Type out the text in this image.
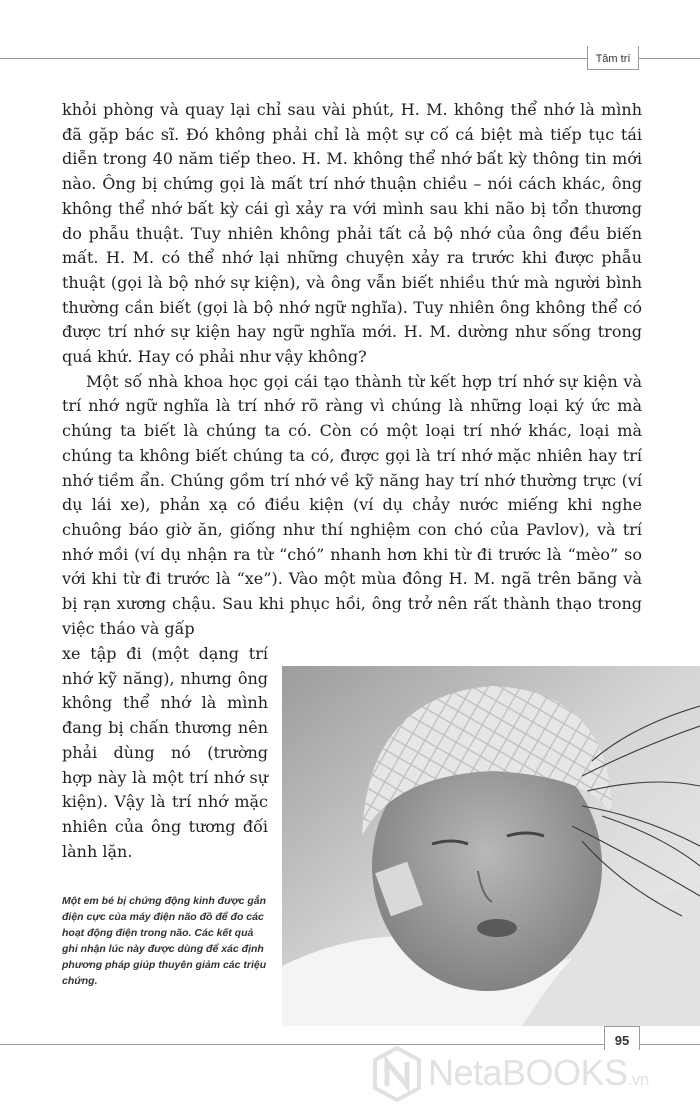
Tâm trí

khỏi phòng và quay lại chỉ sau vài phút, H. M. không thể nhớ là mình đã gặp bác sĩ. Đó không phải chỉ là một sự cố cá biệt mà tiếp tục tái diễn trong 40 năm tiếp theo. H. M. không thể nhớ bất kỳ thông tin mới nào. Ông bị chứng gọi là mất trí nhớ thuận chiều – nói cách khác, ông không thể nhớ bất kỳ cái gì xảy ra với mình sau khi não bị tổn thương do phẫu thuật. Tuy nhiên không phải tất cả bộ nhớ của ông đều biến mất. H. M. có thể nhớ lại những chuyện xảy ra trước khi được phẫu thuật (gọi là bộ nhớ sự kiện), và ông vẫn biết nhiều thứ mà người bình thường cần biết (gọi là bộ nhớ ngữ nghĩa). Tuy nhiên ông không thể có được trí nhớ sự kiện hay ngữ nghĩa mới. H. M. dường như sống trong quá khứ. Hay có phải như vậy không?

Một số nhà khoa học gọi cái tạo thành từ kết hợp trí nhớ sự kiện và trí nhớ ngữ nghĩa là trí nhớ rõ ràng vì chúng là những loại ký ức mà chúng ta biết là chúng ta có. Còn có một loại trí nhớ khác, loại mà chúng ta không biết chúng ta có, được gọi là trí nhớ mặc nhiên hay trí nhớ tiềm ẩn. Chúng gồm trí nhớ về kỹ năng hay trí nhớ thường trực (ví dụ lái xe), phản xạ có điều kiện (ví dụ chảy nước miếng khi nghe chuông báo giờ ăn, giống như thí nghiệm con chó của Pavlov), và trí nhớ mồi (ví dụ nhận ra từ “chó” nhanh hơn khi từ đi trước là “mèo” so với khi từ đi trước là “xe”). Vào một mùa đông H. M. ngã trên băng và bị rạn xương chậu. Sau khi phục hồi, ông trở nên rất thành thạo trong việc tháo và gấp

xe tập đi (một dạng trí nhớ kỹ năng), nhưng ông không thể nhớ là mình đang bị chấn thương nên phải dùng nó (trường hợp này là một trí nhớ sự kiện). Vậy là trí nhớ mặc nhiên của ông tương đối lành lặn.
Một em bé bị chứng động kinh được gắn điện cực của máy điện não đồ để đo các hoạt động điện trong não. Các kết quả ghi nhận lúc này được dùng để xác định phương pháp giúp thuyên giảm các triệu chứng.
95
NetaBOOKS.vn
